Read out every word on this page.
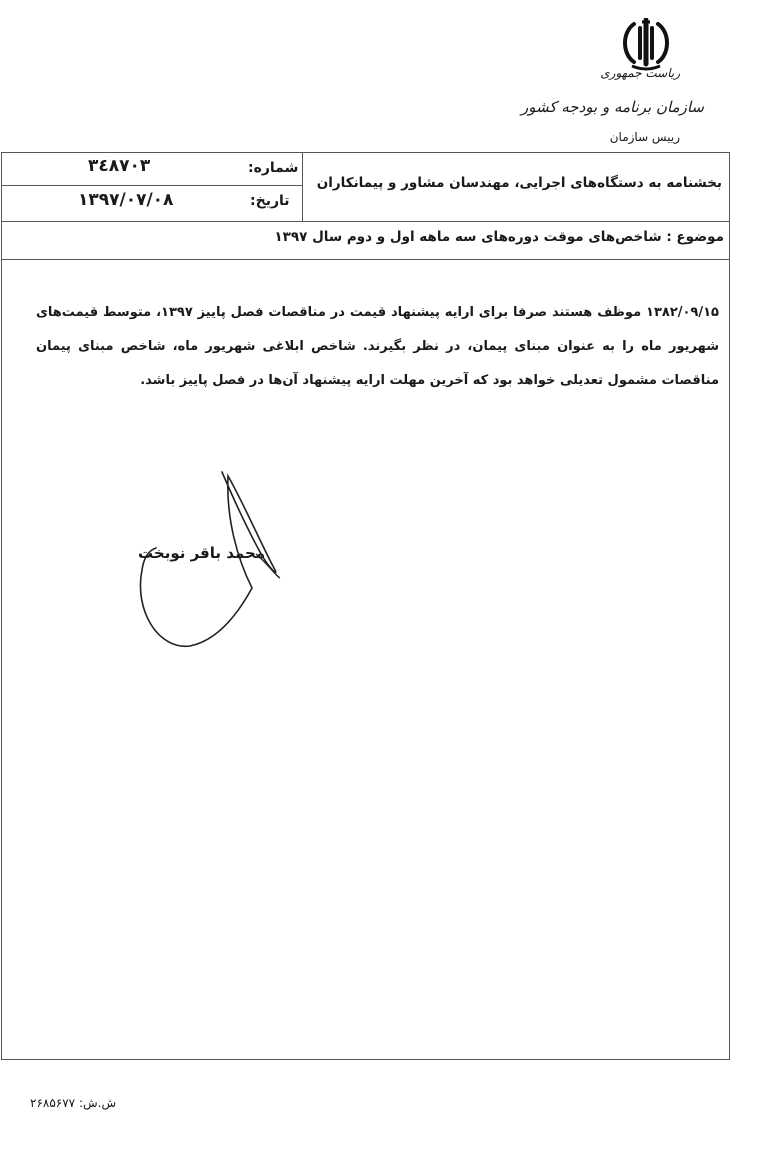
ریاست جمهوری
سازمان برنامه و بودجه کشور
رییس سازمان
شماره:
۳٤۸۷۰۳
تاریخ:
۱۳۹۷/۰۷/۰۸
بخشنامه به دستگاه‌های اجرایی، مهندسان مشاور و پیمانکاران
موضوع : شاخص‌های موقت دوره‌های سه ماهه اول و دوم سال ۱۳۹۷
۱۳۸۲/۰۹/۱۵ موظف هستند صرفا برای ارایه پیشنهاد قیمت در مناقصات فصل پاییز ۱۳۹۷، متوسط قیمت‌های شهریور ماه را به عنوان مبنای پیمان، در نظر بگیرند. شاخص ابلاغی شهریور ماه، شاخص مبنای پیمان مناقصات مشمول تعدیلی خواهد بود که آخرین مهلت ارایه پیشنهاد آن‌ها در فصل پاییز باشد.
محمد باقر نوبخت
ش.ش: ۲۶۸۵۶۷۷
